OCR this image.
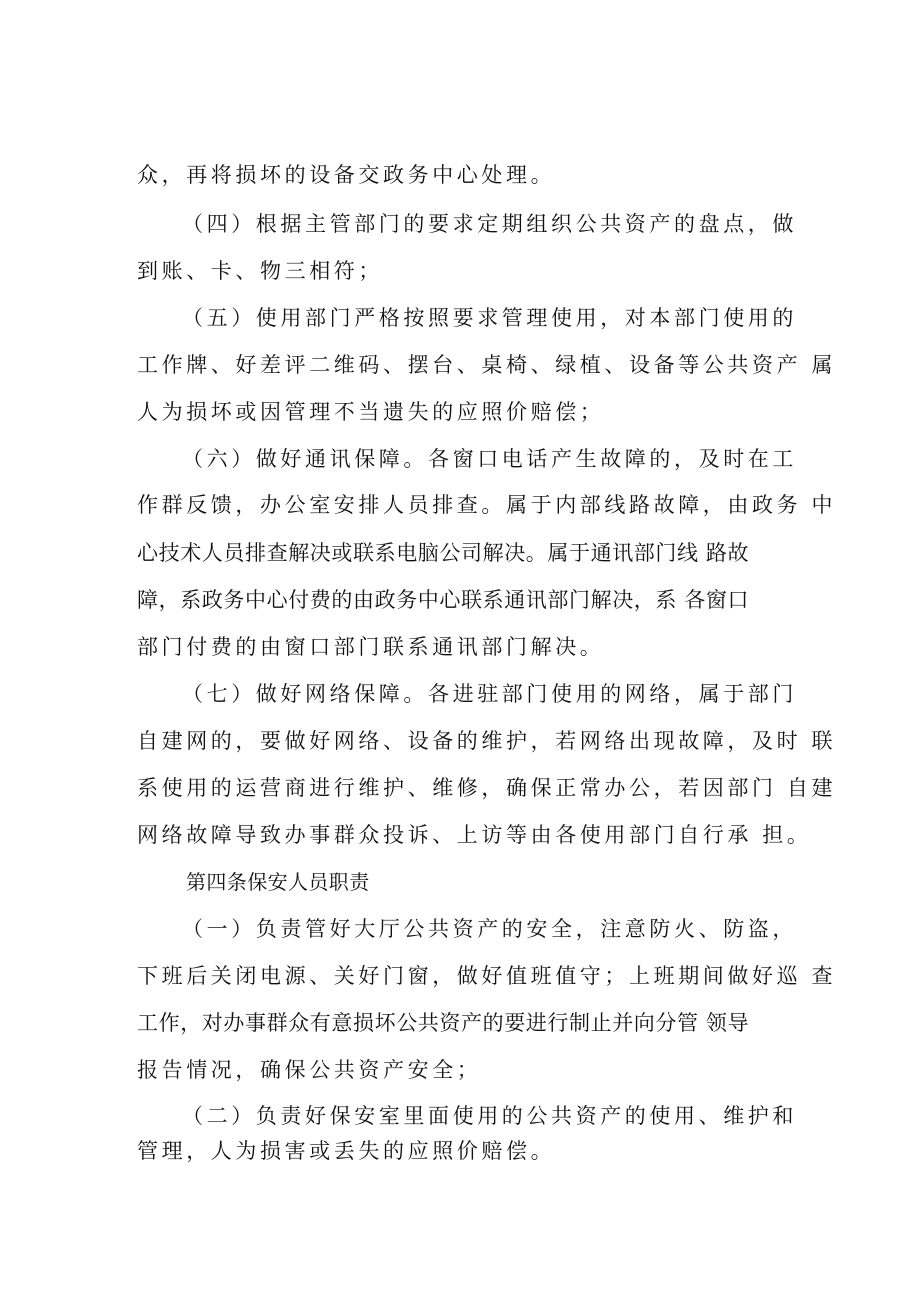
众，再将损坏的设备交政务中心处理。
（四）根据主管部门的要求定期组织公共资产的盘点，做
到账、卡、物三相符；
（五）使用部门严格按照要求管理使用，对本部门使用的
工作牌、好差评二维码、摆台、桌椅、绿植、设备等公共资产 属
人为损坏或因管理不当遗失的应照价赔偿；
（六）做好通讯保障。各窗口电话产生故障的，及时在工
作群反馈，办公室安排人员排查。属于内部线路故障，由政务 中
心技术人员排查解决或联系电脑公司解决。属于通讯部门线 路故
障，系政务中心付费的由政务中心联系通讯部门解决，系 各窗口
部门付费的由窗口部门联系通讯部门解决。
（七）做好网络保障。各进驻部门使用的网络，属于部门
自建网的，要做好网络、设备的维护，若网络出现故障，及时 联
系使用的运营商进行维护、维修，确保正常办公，若因部门 自建
网络故障导致办事群众投诉、上访等由各使用部门自行承 担。
第四条保安人员职责
（一）负责管好大厅公共资产的安全，注意防火、防盗，
下班后关闭电源、关好门窗，做好值班值守；上班期间做好巡 查
工作，对办事群众有意损坏公共资产的要进行制止并向分管 领导
报告情况，确保公共资产安全；
（二）负责好保安室里面使用的公共资产的使用、维护和
管理，人为损害或丢失的应照价赔偿。
